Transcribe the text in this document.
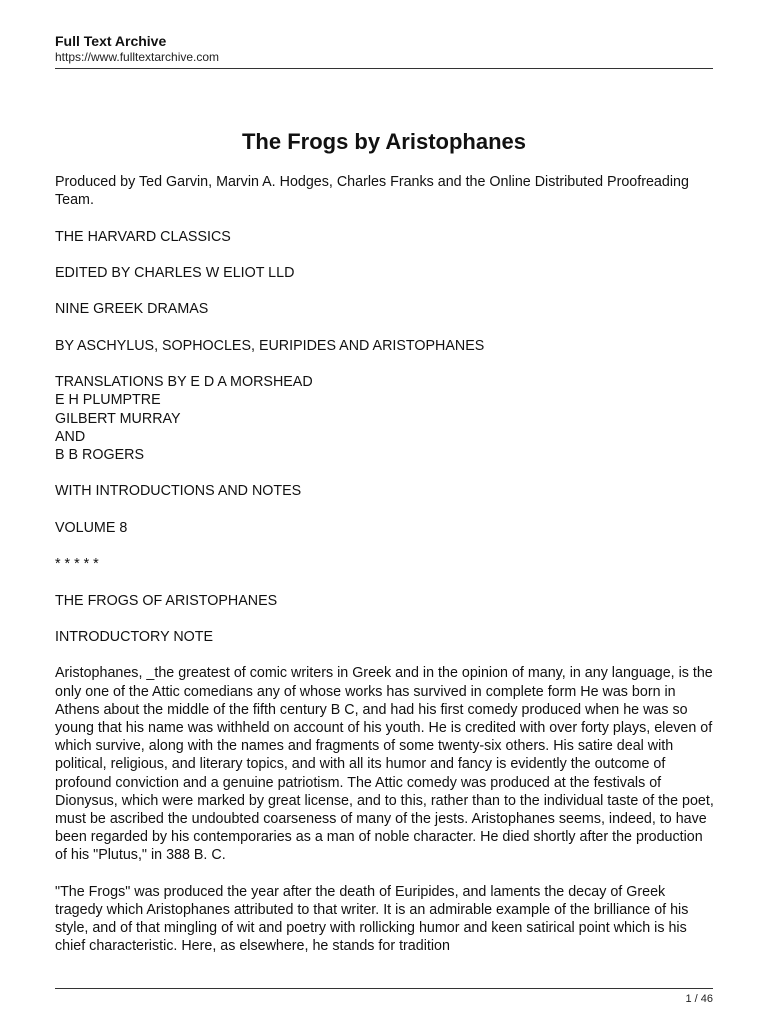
Full Text Archive
https://www.fulltextarchive.com
The Frogs by Aristophanes

Produced by Ted Garvin, Marvin A. Hodges, Charles Franks and the Online Distributed Proofreading Team.

THE HARVARD CLASSICS

EDITED BY CHARLES W ELIOT LLD

NINE GREEK DRAMAS

BY ASCHYLUS, SOPHOCLES, EURIPIDES AND ARISTOPHANES

TRANSLATIONS BY E D A MORSHEAD
E H PLUMPTRE
GILBERT MURRAY
AND
B B ROGERS

WITH INTRODUCTIONS AND NOTES

VOLUME 8

* * * * *

THE FROGS OF ARISTOPHANES

INTRODUCTORY NOTE

Aristophanes, _the greatest of comic writers in Greek and in the opinion of many, in any language, is the only one of the Attic comedians any of whose works has survived in complete form He was born in Athens about the middle of the fifth century B C, and had his first comedy produced when he was so young that his name was withheld on account of his youth. He is credited with over forty plays, eleven of which survive, along with the names and fragments of some twenty-six others. His satire deal with political, religious, and literary topics, and with all its humor and fancy is evidently the outcome of profound conviction and a genuine patriotism. The Attic comedy was produced at the festivals of Dionysus, which were marked by great license, and to this, rather than to the individual taste of the poet, must be ascribed the undoubted coarseness of many of the jests. Aristophanes seems, indeed, to have been regarded by his contemporaries as a man of noble character. He died shortly after the production of his "Plutus," in 388 B. C.

"The Frogs" was produced the year after the death of Euripides, and laments the decay of Greek tragedy which Aristophanes attributed to that writer. It is an admirable example of the brilliance of his style, and of that mingling of wit and poetry with rollicking humor and keen satirical point which is his chief characteristic. Here, as elsewhere, he stands for tradition

1 / 46
